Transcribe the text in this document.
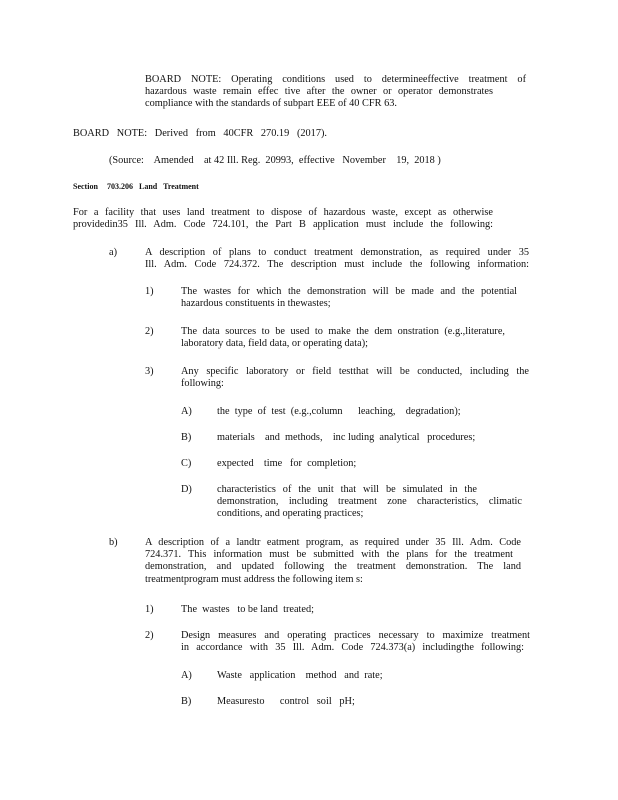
BOARD NOTE: Operating conditions used to determineeffective treatment of

hazardous waste remain effec tive after the owner or operator demonstrates

compliance with the standards of subpart EEE of 40 CFR 63.

BOARD   NOTE:   Derived   from   40CFR   270.19   (2017).

(Source:    Amended    at 42 Ill. Reg.  20993,  effective   November    19,  2018 )

Section 703.206 Land   Treatment

For a facility that uses land treatment to dispose of hazardous waste, except as otherwise

providedin35 Ill. Adm. Code 724.101, the Part B application must include the following:

a)	A description of plans to conduct treatment demonstration, as required under 35

Ill. Adm. Code 724.372. The description must include the following information:

1)	The wastes for which the demonstration will be made and the potential

hazardous constituents in thewastes;

2)	The data sources to be used to make the dem onstration (e.g.,literature,

laboratory data, field data, or operating data);

3)	Any specific laboratory or field testthat will be conducted, including the

following:

A) the  type  of  test  (e.g.,column      leaching,    degradation);

B) materials    and  methods,    inc luding  analytical   procedures;

C) expected    time   for  completion;

D) characteristics of the unit that will be simulated in the

demonstration, including treatment zone characteristics, climatic

conditions, and operating practices;

b)	A description of a landtr eatment program, as required under 35 Ill. Adm. Code

724.371. This information must be submitted with the plans for the treatment

demonstration, and updated following the treatment demonstration. The land

treatmentprogram must address the following item s:

1)	The  wastes   to be land  treated;

2)	Design measures and operating practices necessary to maximize treatment

in accordance with 35 Ill. Adm. Code 724.373(a) includingthe following:

A) Waste   application    method   and  rate;

B) Measuresto      control   soil   pH;
